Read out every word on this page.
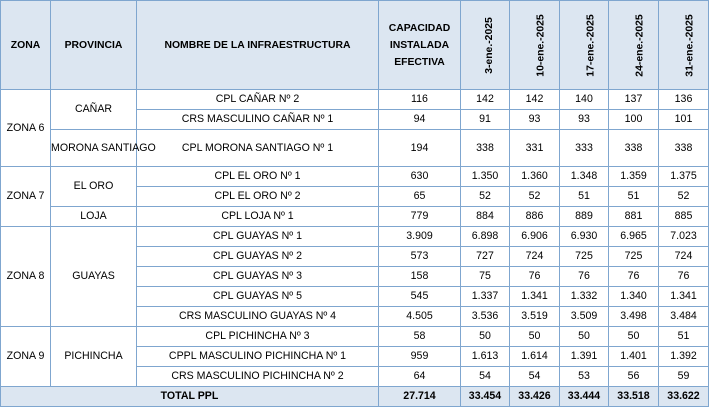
ZONA	PROVINCIA	NOMBRE DE LA INFRAESTRUCTURA	CAPACIDAD INSTALADA EFECTIVA	3-ene.-2025	10-ene.-2025	17-ene.-2025	24-ene.-2025	31-ene.-2025
ZONA 6	CAÑAR	CPL CAÑAR Nº 2	116	142	142	140	137	136
		CRS MASCULINO CAÑAR Nº 1	94	91	93	93	100	101
	MORONA SANTIAGO	CPL MORONA SANTIAGO Nº 1	194	338	331	333	338	338
ZONA 7	EL ORO	CPL EL ORO Nº 1	630	1.350	1.360	1.348	1.359	1.375
		CPL EL ORO Nº 2	65	52	52	51	51	52
	LOJA	CPL LOJA Nº 1	779	884	886	889	881	885
ZONA 8	GUAYAS	CPL GUAYAS Nº 1	3.909	6.898	6.906	6.930	6.965	7.023
		CPL GUAYAS Nº 2	573	727	724	725	725	724
		CPL GUAYAS Nº 3	158	75	76	76	76	76
		CPL GUAYAS Nº 5	545	1.337	1.341	1.332	1.340	1.341
		CRS MASCULINO GUAYAS Nº 4	4.505	3.536	3.519	3.509	3.498	3.484
ZONA 9	PICHINCHA	CPL PICHINCHA Nº 3	58	50	50	50	50	51
		CPPL MASCULINO PICHINCHA Nº 1	959	1.613	1.614	1.391	1.401	1.392
		CRS MASCULINO PICHINCHA Nº 2	64	54	54	53	56	59
TOTAL PPL			27.714	33.454	33.426	33.444	33.518	33.622
